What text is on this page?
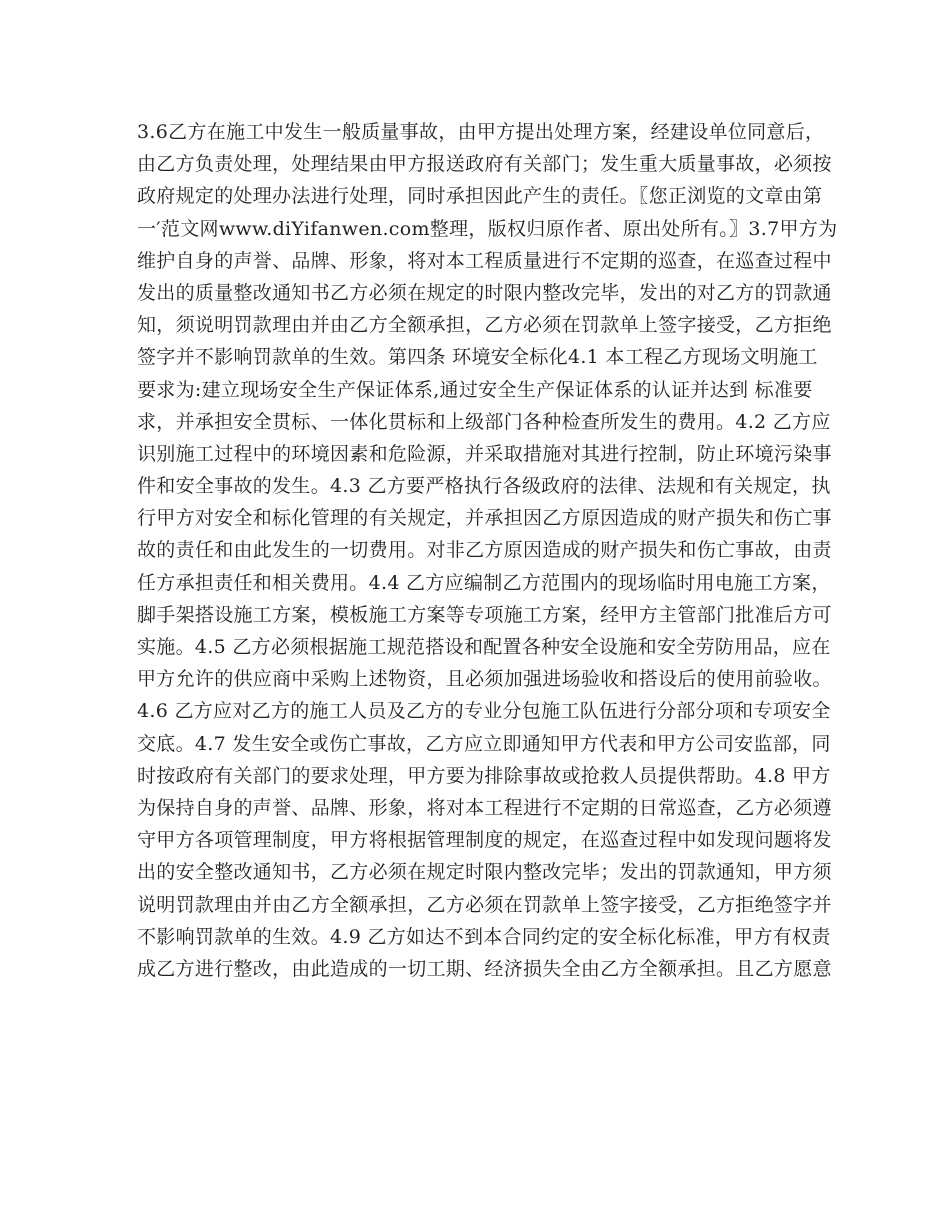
3.6乙方在施工中发生一般质量事故，由甲方提出处理方案，经建设单位同意后，
由乙方负责处理，处理结果由甲方报送政府有关部门；发生重大质量事故，必须按
政府规定的处理办法进行处理，同时承担因此产生的责任。〖您正浏览的文章由第
一′范文网www.diYifanwen.com整理，版权归原作者、原出处所有。〗3.7甲方为
维护自身的声誉、品牌、形象，将对本工程质量进行不定期的巡查，在巡查过程中
发出的质量整改通知书乙方必须在规定的时限内整改完毕，发出的对乙方的罚款通
知，须说明罚款理由并由乙方全额承担，乙方必须在罚款单上签字接受，乙方拒绝
签字并不影响罚款单的生效。第四条 环境安全标化4.1 本工程乙方现场文明施工
要求为:建立现场安全生产保证体系,通过安全生产保证体系的认证并达到 标准要
求，并承担安全贯标、一体化贯标和上级部门各种检查所发生的费用。4.2 乙方应
识别施工过程中的环境因素和危险源，并采取措施对其进行控制，防止环境污染事
件和安全事故的发生。4.3 乙方要严格执行各级政府的法律、法规和有关规定，执
行甲方对安全和标化管理的有关规定，并承担因乙方原因造成的财产损失和伤亡事
故的责任和由此发生的一切费用。对非乙方原因造成的财产损失和伤亡事故，由责
任方承担责任和相关费用。4.4 乙方应编制乙方范围内的现场临时用电施工方案，
脚手架搭设施工方案，模板施工方案等专项施工方案，经甲方主管部门批准后方可
实施。4.5 乙方必须根据施工规范搭设和配置各种安全设施和安全劳防用品，应在
甲方允许的供应商中采购上述物资，且必须加强进场验收和搭设后的使用前验收。
4.6 乙方应对乙方的施工人员及乙方的专业分包施工队伍进行分部分项和专项安全
交底。4.7 发生安全或伤亡事故，乙方应立即通知甲方代表和甲方公司安监部，同
时按政府有关部门的要求处理，甲方要为排除事故或抢救人员提供帮助。4.8 甲方
为保持自身的声誉、品牌、形象，将对本工程进行不定期的日常巡查，乙方必须遵
守甲方各项管理制度，甲方将根据管理制度的规定，在巡查过程中如发现问题将发
出的安全整改通知书，乙方必须在规定时限内整改完毕；发出的罚款通知，甲方须
说明罚款理由并由乙方全额承担，乙方必须在罚款单上签字接受，乙方拒绝签字并
不影响罚款单的生效。4.9 乙方如达不到本合同约定的安全标化标准，甲方有权责
成乙方进行整改，由此造成的一切工期、经济损失全由乙方全额承担。且乙方愿意
